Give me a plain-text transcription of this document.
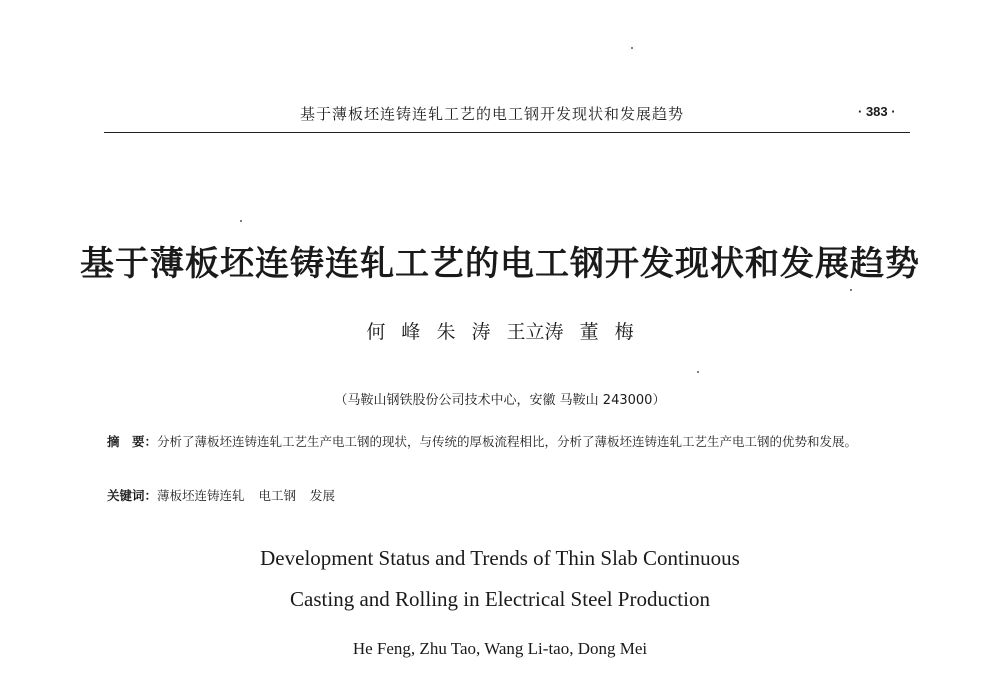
基于薄板坯连铸连轧工艺的电工钢开发现状和发展趋势	· 383 ·
基于薄板坯连铸连轧工艺的电工钢开发现状和发展趋势
何 峰 朱 涛 王立涛 董 梅
（马鞍山钢铁股份公司技术中心，安徽 马鞍山 243000）
摘　要：分析了薄板坯连铸连轧工艺生产电工钢的现状，与传统的厚板流程相比，分析了薄板坯连铸连轧工艺生产电工钢的优势和发展。
关键词：薄板坯连铸连轧 电工钢 发展
Development Status and Trends of Thin Slab Continuous
Casting and Rolling in Electrical Steel Production
He Feng, Zhu Tao, Wang Li-tao, Dong Mei
